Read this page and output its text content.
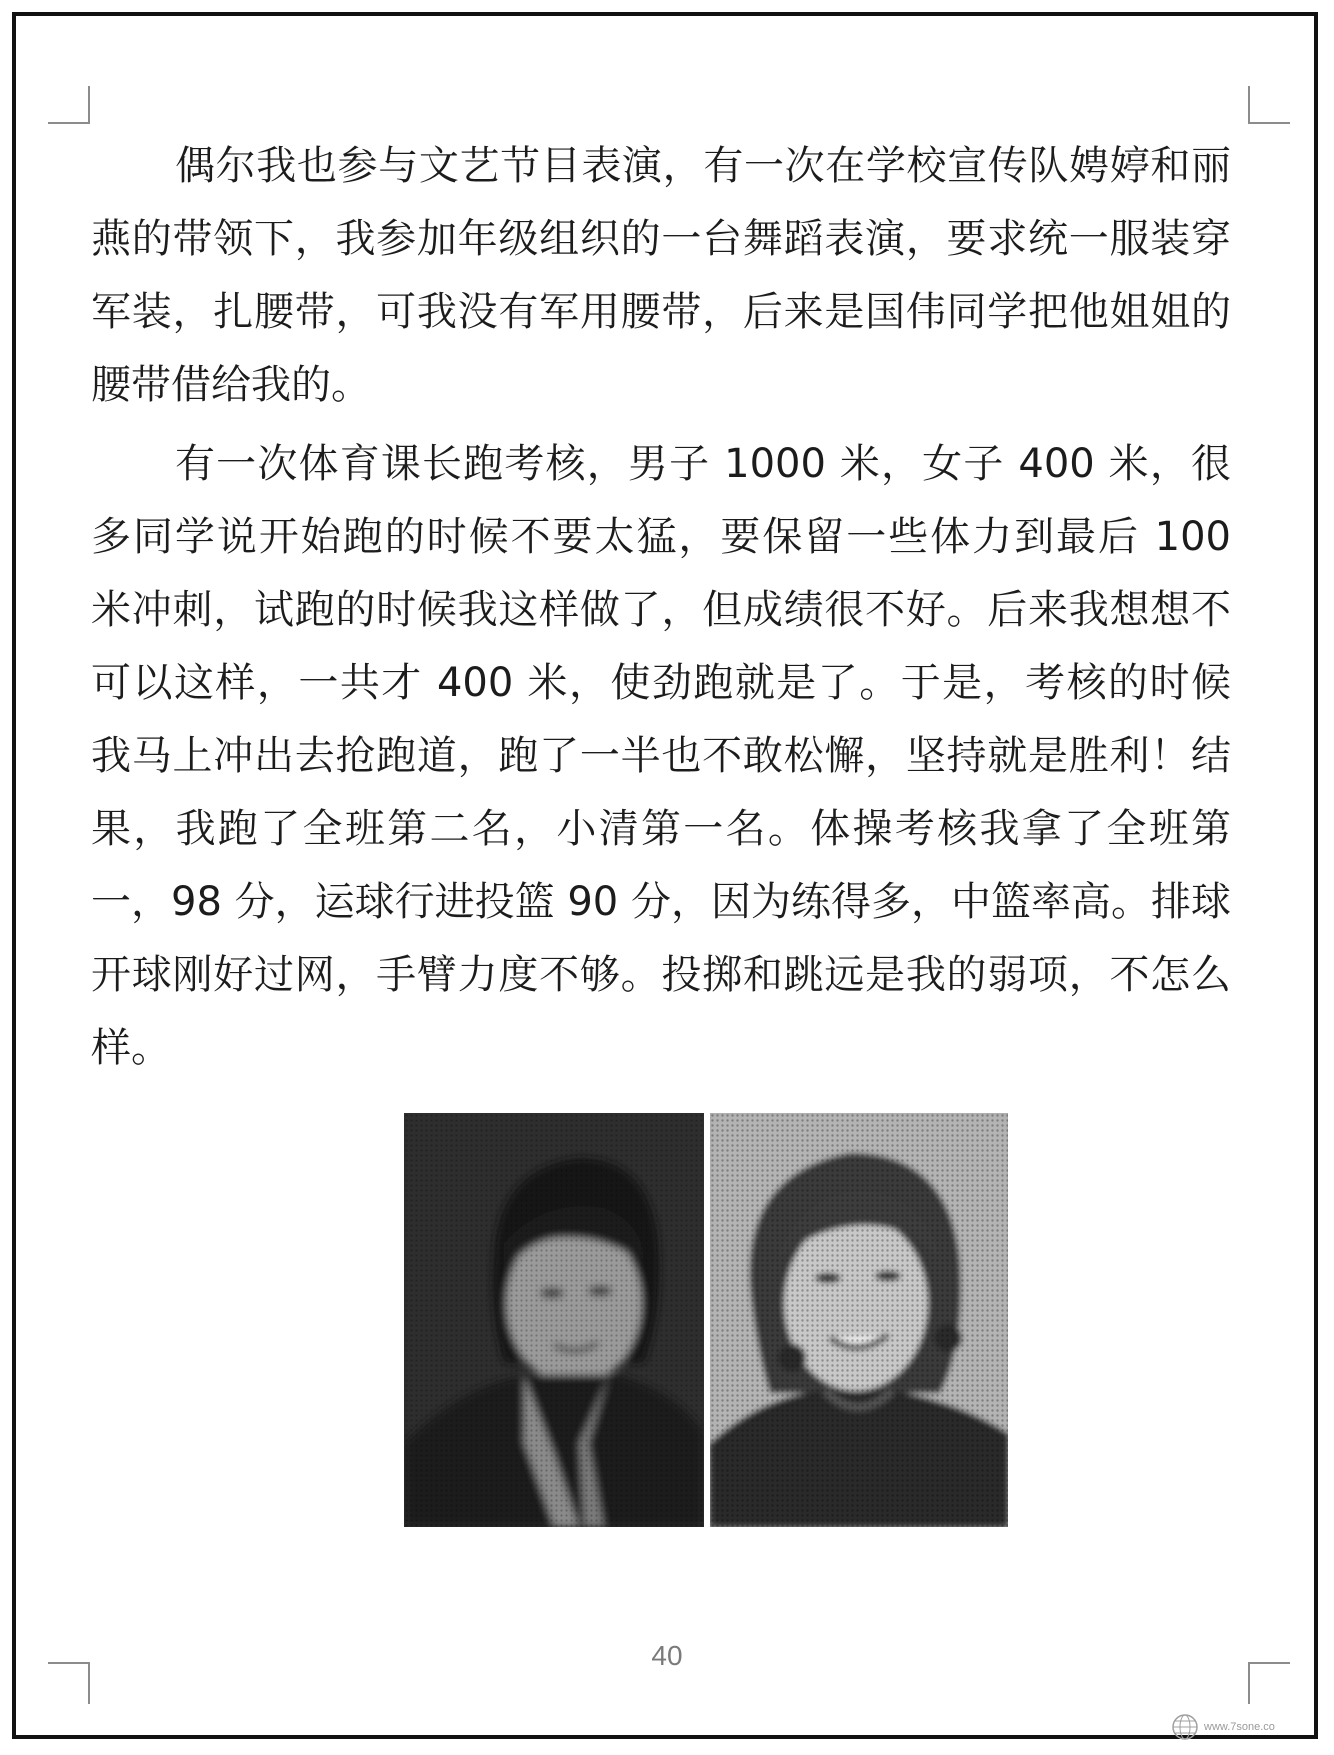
偶尔我也参与文艺节目表演，有一次在学校宣传队娉婷和丽燕的带领下，我参加年级组织的一台舞蹈表演，要求统一服装穿军装，扎腰带，可我没有军用腰带，后来是国伟同学把他姐姐的腰带借给我的。

有一次体育课长跑考核，男子 1000 米，女子 400 米，很多同学说开始跑的时候不要太猛，要保留一些体力到最后 100 米冲刺，试跑的时候我这样做了，但成绩很不好。后来我想想不可以这样，一共才 400 米，使劲跑就是了。于是，考核的时候我马上冲出去抢跑道，跑了一半也不敢松懈，坚持就是胜利！结果，我跑了全班第二名，小清第一名。体操考核我拿了全班第一，98 分，运球行进投篮 90 分，因为练得多，中篮率高。排球开球刚好过网，手臂力度不够。投掷和跳远是我的弱项，不怎么样。

40
www.7sone.co
